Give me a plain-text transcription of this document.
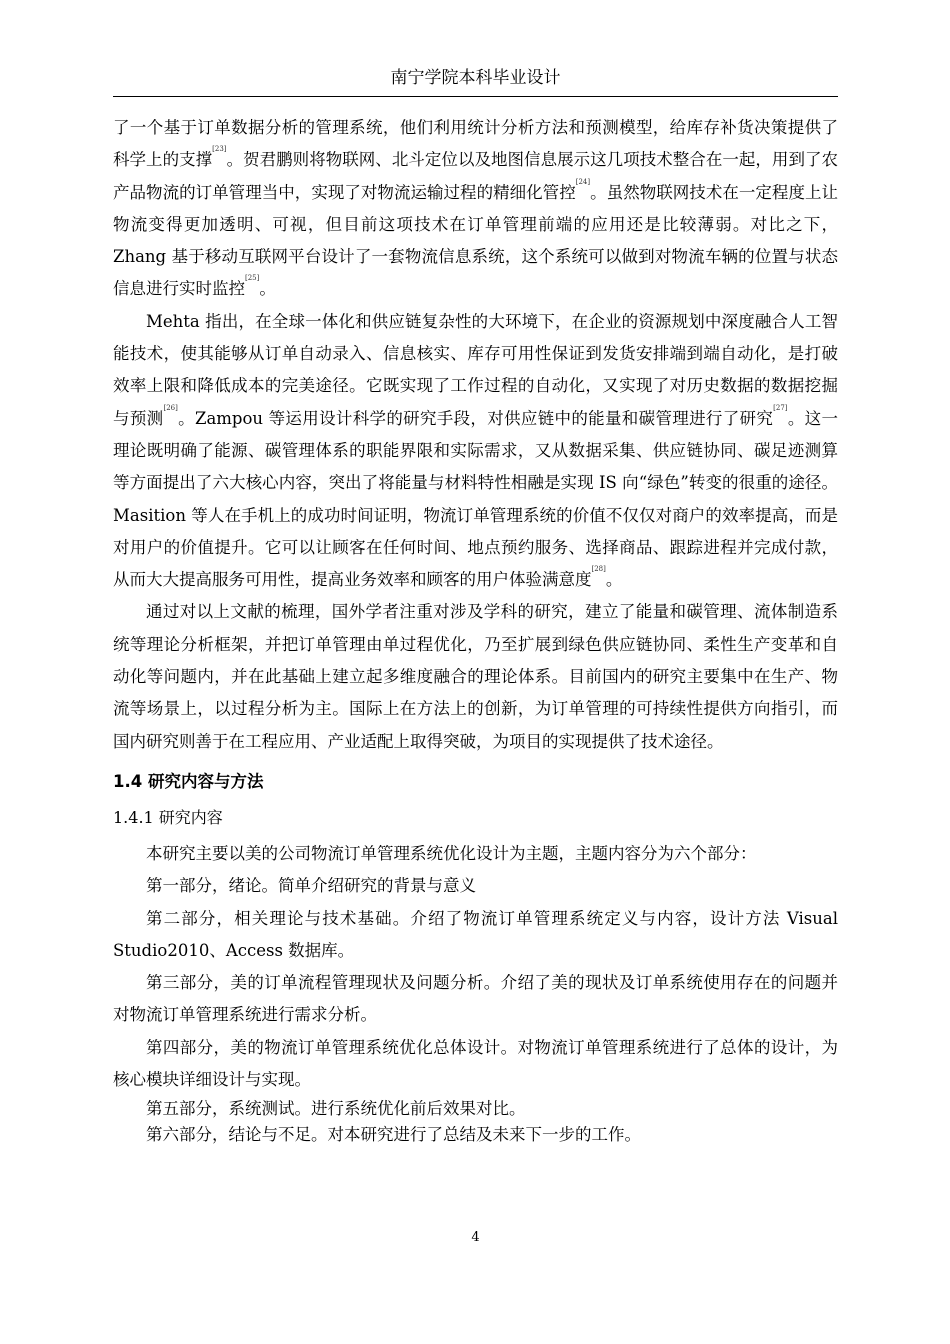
南宁学院本科毕业设计

了一个基于订单数据分析的管理系统，他们利用统计分析方法和预测模型，给库存补货决策提供了科学上的支撑[23]。贺君鹏则将物联网、北斗定位以及地图信息展示这几项技术整合在一起，用到了农产品物流的订单管理当中，实现了对物流运输过程的精细化管控[24]。虽然物联网技术在一定程度上让物流变得更加透明、可视，但目前这项技术在订单管理前端的应用还是比较薄弱。对比之下，Zhang 基于移动互联网平台设计了一套物流信息系统，这个系统可以做到对物流车辆的位置与状态信息进行实时监控[25]。

Mehta 指出，在全球一体化和供应链复杂性的大环境下，在企业的资源规划中深度融合人工智能技术，使其能够从订单自动录入、信息核实、库存可用性保证到发货安排端到端自动化，是打破效率上限和降低成本的完美途径。它既实现了工作过程的自动化，又实现了对历史数据的数据挖掘与预测[26]。Zampou 等运用设计科学的研究手段，对供应链中的能量和碳管理进行了研究[27]。这一理论既明确了能源、碳管理体系的职能界限和实际需求，又从数据采集、供应链协同、碳足迹测算等方面提出了六大核心内容，突出了将能量与材料特性相融是实现 IS 向“绿色”转变的很重的途径。Masition 等人在手机上的成功时间证明，物流订单管理系统的价值不仅仅对商户的效率提高，而是对用户的价值提升。它可以让顾客在任何时间、地点预约服务、选择商品、跟踪进程并完成付款，从而大大提高服务可用性，提高业务效率和顾客的用户体验满意度[28]。

通过对以上文献的梳理，国外学者注重对涉及学科的研究，建立了能量和碳管理、流体制造系统等理论分析框架，并把订单管理由单过程优化，乃至扩展到绿色供应链协同、柔性生产变革和自动化等问题内，并在此基础上建立起多维度融合的理论体系。目前国内的研究主要集中在生产、物流等场景上，以过程分析为主。国际上在方法上的创新，为订单管理的可持续性提供方向指引，而国内研究则善于在工程应用、产业适配上取得突破，为项目的实现提供了技术途径。

1.4 研究内容与方法
1.4.1 研究内容

本研究主要以美的公司物流订单管理系统优化设计为主题，主题内容分为六个部分：

第一部分，绪论。简单介绍研究的背景与意义

第二部分，相关理论与技术基础。介绍了物流订单管理系统定义与内容，设计方法 Visual Studio2010、Access 数据库。

第三部分，美的订单流程管理现状及问题分析。介绍了美的现状及订单系统使用存在的问题并对物流订单管理系统进行需求分析。

第四部分，美的物流订单管理系统优化总体设计。对物流订单管理系统进行了总体的设计，为核心模块详细设计与实现。

第五部分，系统测试。进行系统优化前后效果对比。

第六部分，结论与不足。对本研究进行了总结及未来下一步的工作。

4
